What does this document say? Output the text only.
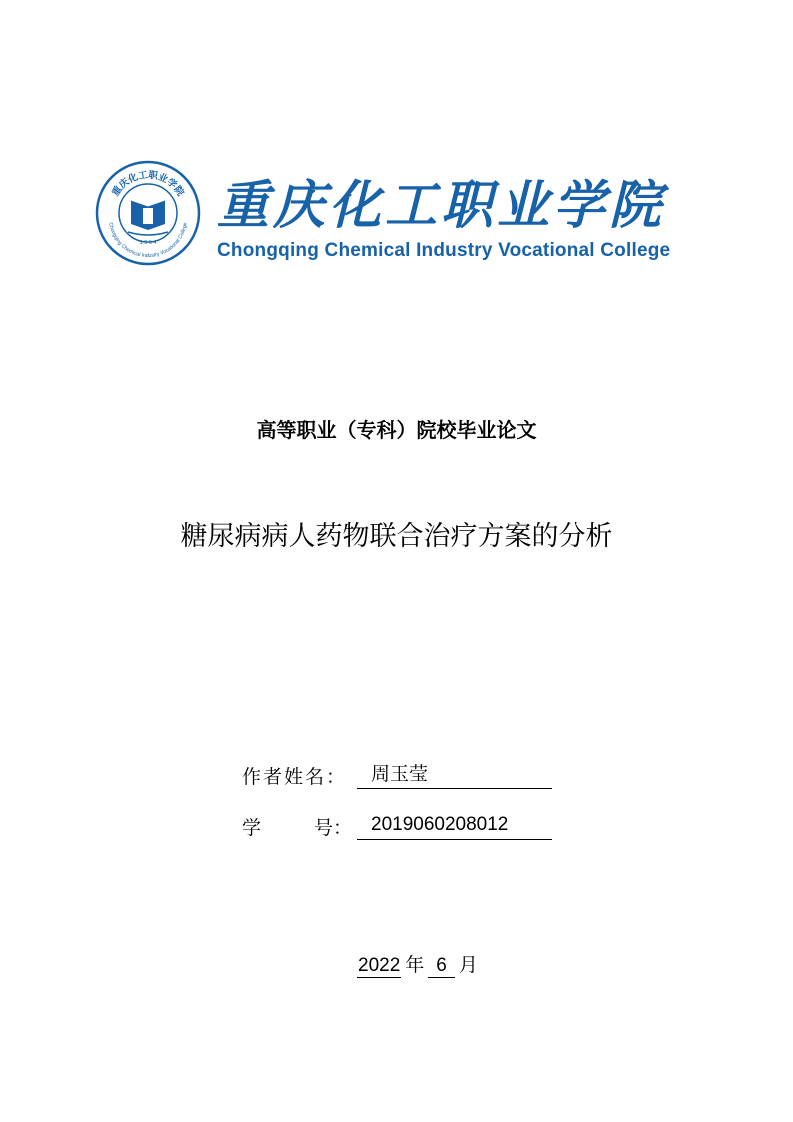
重庆化工职业学院
Chongqing Chemical Industry Vocational College
1 9 6 4
重庆化工职业学院
Chongqing Chemical Industry Vocational College
高等职业（专科）院校毕业论文
糖尿病病人药物联合治疗方案的分析
作者姓名：	周玉莹
学	号： 2019060208012
2022 年 6 月
